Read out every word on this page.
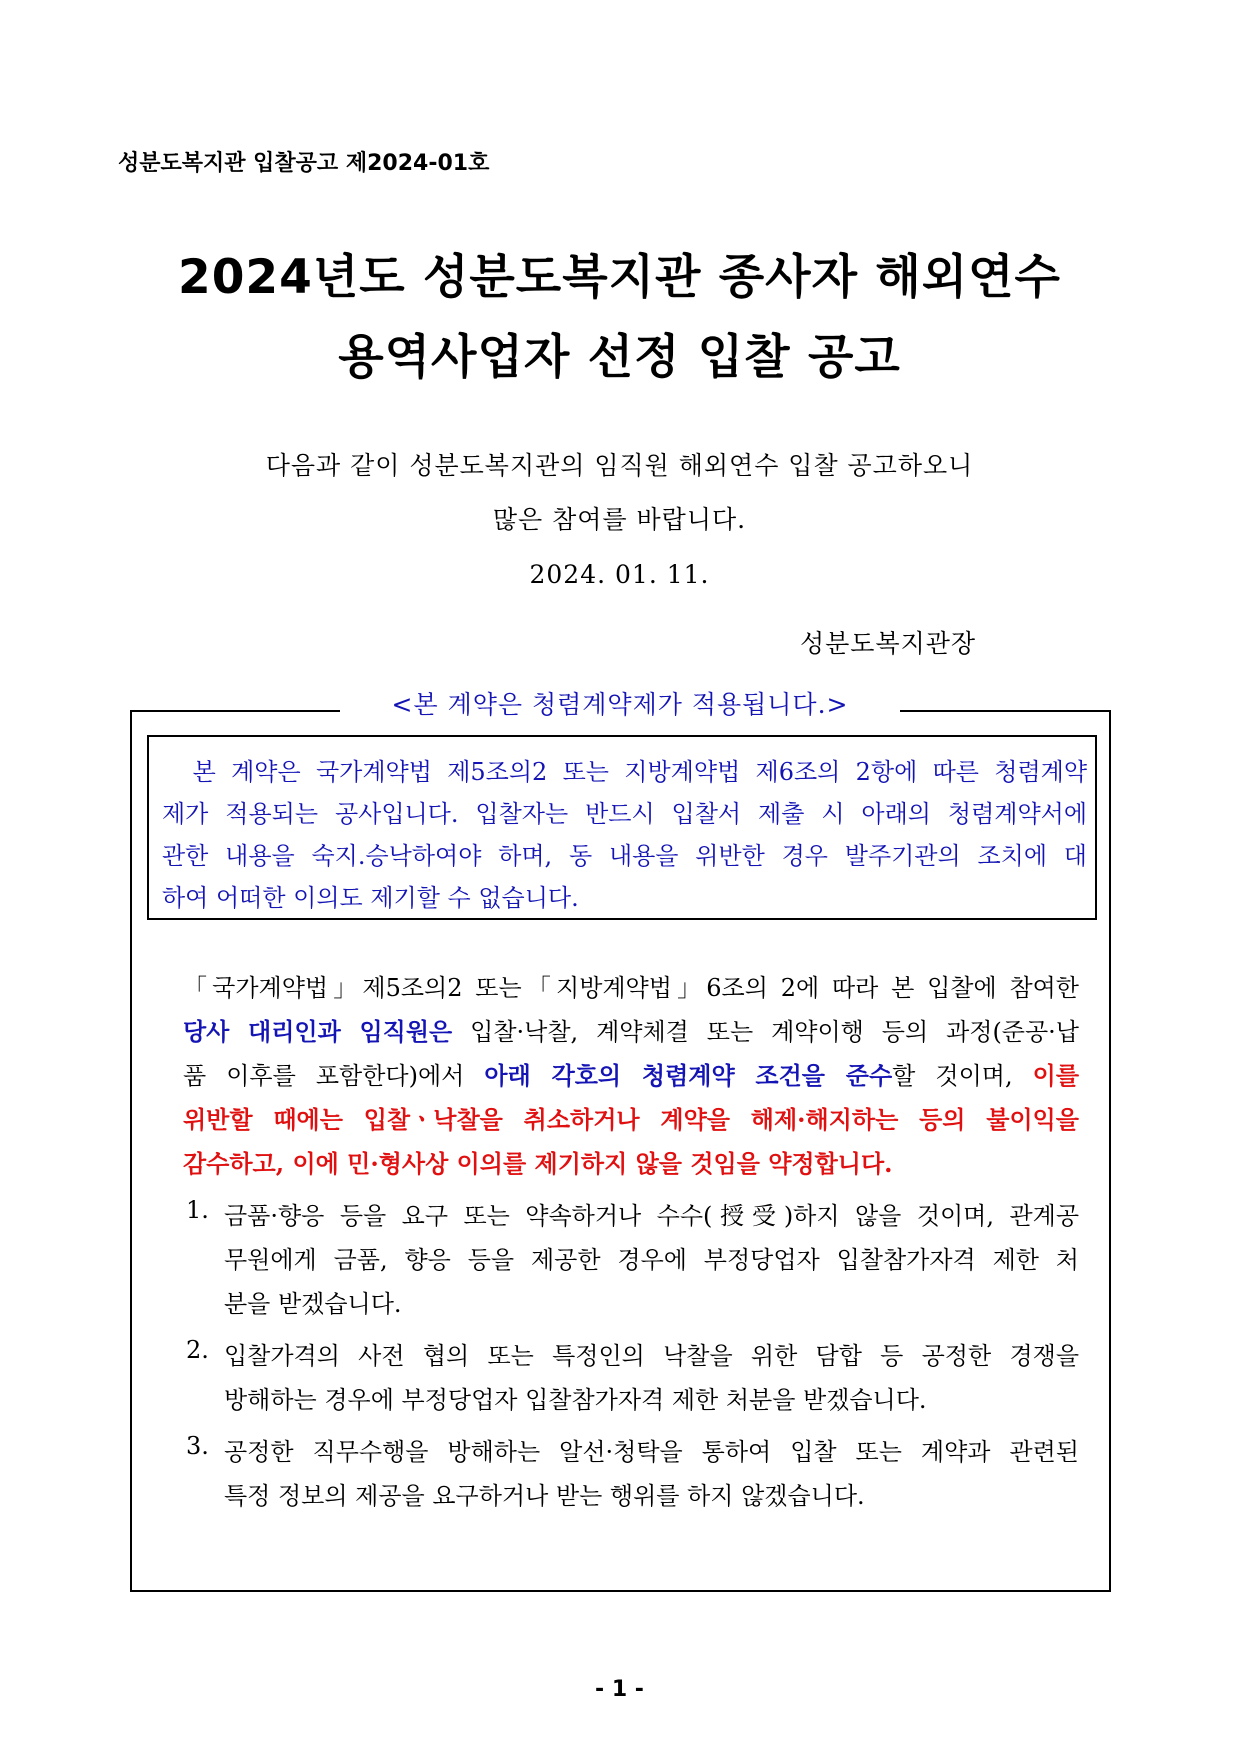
성분도복지관 입찰공고 제2024-01호
2024년도 성분도복지관 종사자 해외연수
용역사업자 선정 입찰 공고
다음과 같이 성분도복지관의 임직원 해외연수 입찰 공고하오니
많은 참여를 바랍니다.
2024. 01. 11.
성분도복지관장
<본 계약은 청렴계약제가 적용됩니다.>
본 계약은 국가계약법 제5조의2 또는 지방계약법 제6조의 2항에 따른 청렴계약
제가 적용되는 공사입니다. 입찰자는 반드시 입찰서 제출 시 아래의 청렴계약서에
관한 내용을 숙지.승낙하여야 하며, 동 내용을 위반한 경우 발주기관의 조치에 대
하여 어떠한 이의도 제기할 수 없습니다.
「국가계약법」제5조의2 또는「지방계약법」6조의 2에 따라 본 입찰에 참여한
당사 대리인과 임직원은 입찰·낙찰, 계약체결 또는 계약이행 등의 과정(준공·납
품 이후를 포함한다)에서 아래 각호의 청렴계약 조건을 준수할 것이며, 이를
위반할 때에는 입찰ㆍ낙찰을 취소하거나 계약을 해제·해지하는 등의 불이익을
감수하고, 이에 민·형사상 이의를 제기하지 않을 것임을 약정합니다.
1. 금품·향응 등을 요구 또는 약속하거나 수수(授受)하지 않을 것이며, 관계공
무원에게 금품, 향응 등을 제공한 경우에 부정당업자 입찰참가자격 제한 처
분을 받겠습니다.
2. 입찰가격의 사전 협의 또는 특정인의 낙찰을 위한 담합 등 공정한 경쟁을
방해하는 경우에 부정당업자 입찰참가자격 제한 처분을 받겠습니다.
3. 공정한 직무수행을 방해하는 알선·청탁을 통하여 입찰 또는 계약과 관련된
특정 정보의 제공을 요구하거나 받는 행위를 하지 않겠습니다.
- 1 -
